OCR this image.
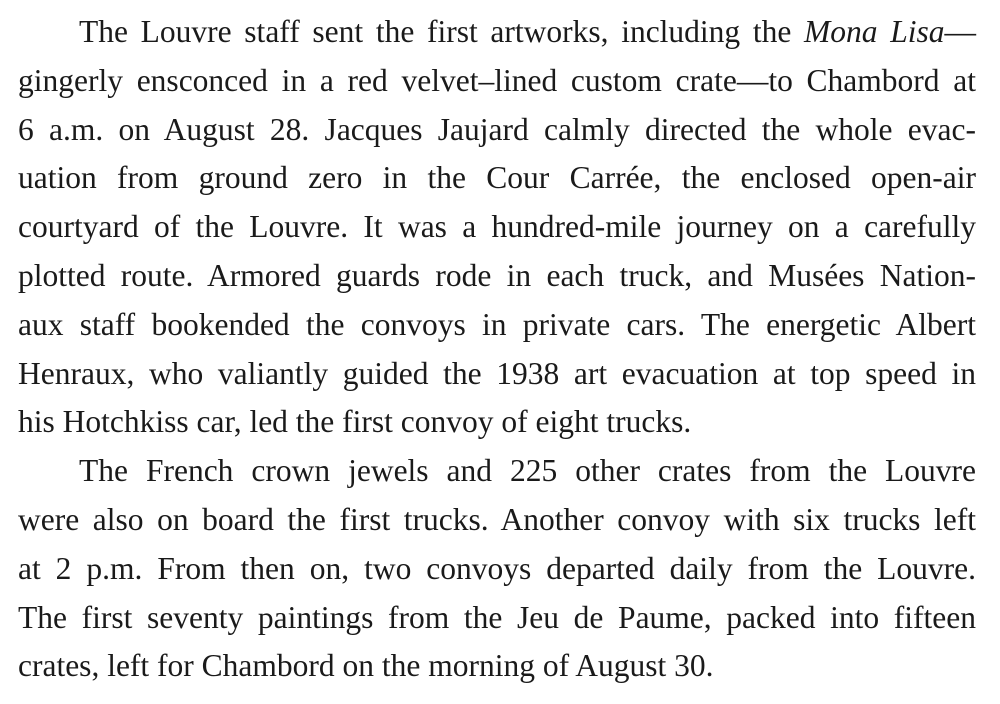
The Louvre staff sent the first artworks, including the Mona Lisa—
gingerly ensconced in a red velvet–lined custom crate—to Chambord at
6 a.m. on August 28. Jacques Jaujard calmly directed the whole evac-
uation from ground zero in the Cour Carrée, the enclosed open-air
courtyard of the Louvre. It was a hundred-mile journey on a carefully
plotted route. Armored guards rode in each truck, and Musées Nation-
aux staff bookended the convoys in private cars. The energetic Albert
Henraux, who valiantly guided the 1938 art evacuation at top speed in
his Hotchkiss car, led the first convoy of eight trucks.
The French crown jewels and 225 other crates from the Louvre
were also on board the first trucks. Another convoy with six trucks left
at 2 p.m. From then on, two convoys departed daily from the Louvre.
The first seventy paintings from the Jeu de Paume, packed into fifteen
crates, left for Chambord on the morning of August 30.
